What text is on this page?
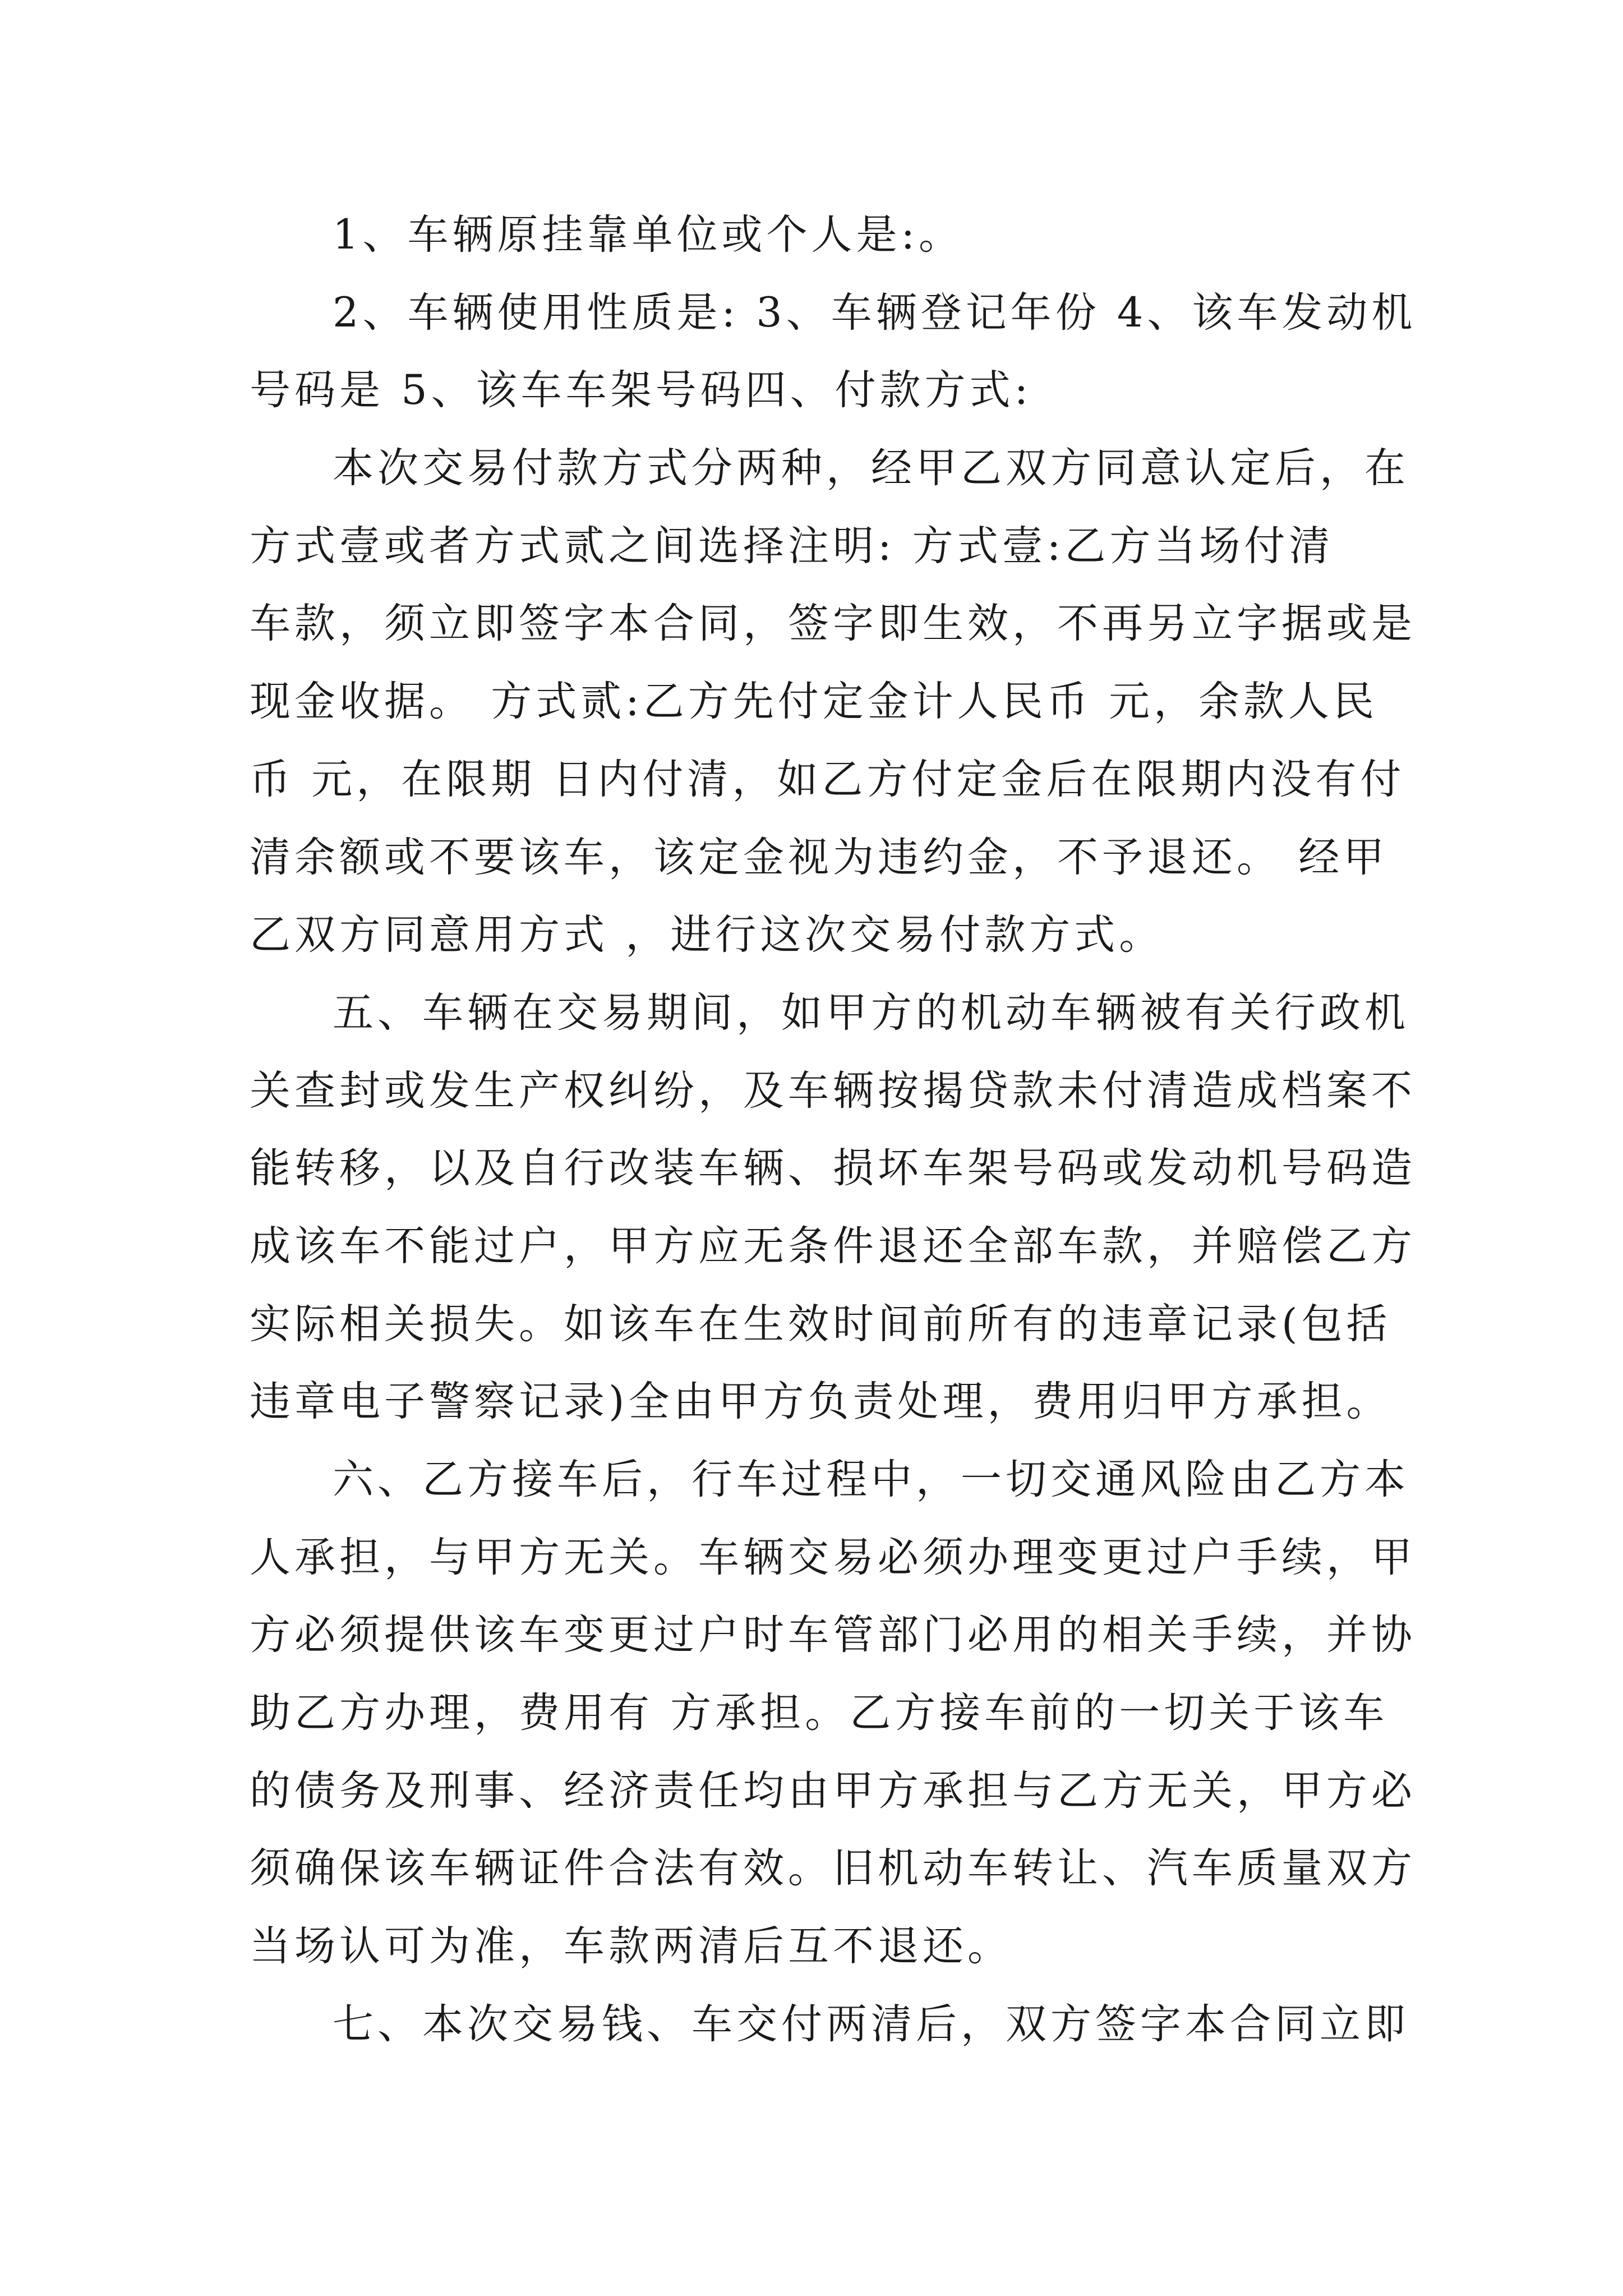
1、车辆原挂靠单位或个人是:。
2、车辆使用性质是: 3、车辆登记年份 4、该车发动机
号码是 5、该车车架号码四、付款方式:
本次交易付款方式分两种，经甲乙双方同意认定后，在
方式壹或者方式贰之间选择注明: 方式壹:乙方当场付清
车款，须立即签字本合同，签字即生效，不再另立字据或是
现金收据。 方式贰:乙方先付定金计人民币 元，余款人民
币 元，在限期 日内付清，如乙方付定金后在限期内没有付
清余额或不要该车，该定金视为违约金，不予退还。 经甲
乙双方同意用方式 ，进行这次交易付款方式。
五、车辆在交易期间，如甲方的机动车辆被有关行政机
关查封或发生产权纠纷，及车辆按揭贷款未付清造成档案不
能转移，以及自行改装车辆、损坏车架号码或发动机号码造
成该车不能过户，甲方应无条件退还全部车款，并赔偿乙方
实际相关损失。如该车在生效时间前所有的违章记录(包括
违章电子警察记录)全由甲方负责处理，费用归甲方承担。
六、乙方接车后，行车过程中，一切交通风险由乙方本
人承担，与甲方无关。车辆交易必须办理变更过户手续，甲
方必须提供该车变更过户时车管部门必用的相关手续，并协
助乙方办理，费用有 方承担。乙方接车前的一切关于该车
的债务及刑事、经济责任均由甲方承担与乙方无关，甲方必
须确保该车辆证件合法有效。旧机动车转让、汽车质量双方
当场认可为准，车款两清后互不退还。
七、本次交易钱、车交付两清后，双方签字本合同立即
